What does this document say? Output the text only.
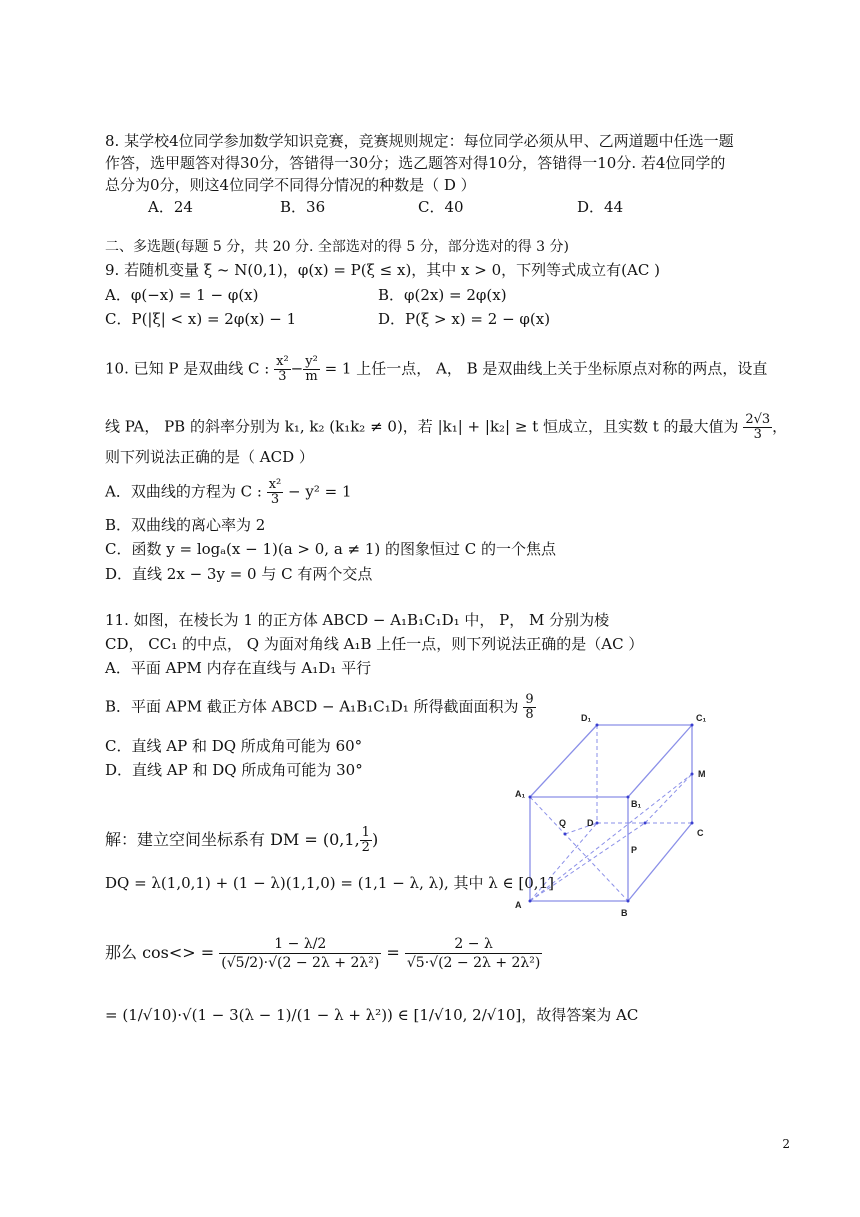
8. 某学校4位同学参加数学知识竞赛，竞赛规则规定：每位同学必须从甲、乙两道题中任选一题
作答，选甲题答对得30分，答错得一30分；选乙题答对得10分，答错得一10分. 若4位同学的
总分为0分，则这4位同学不同得分情况的种数是（ D ）
A．24	B．36	C．40	D．44
二、多选题(每题 5 分，共 20 分. 全部选对的得 5 分，部分选对的得 3 分)
9. 若随机变量 ξ ~ N(0,1)，φ(x) = P(ξ ≤ x)，其中 x > 0，下列等式成立有(AC )
A．φ(−x) = 1 − φ(x)	B．φ(2x) = 2φ(x)
C．P(|ξ| < x) = 2φ(x) − 1	D．P(ξ > x) = 2 − φ(x)
10. 已知 P 是双曲线 C : $\frac{\text{x²}}{3} - \frac{\text{y²}}{m} = 1$ 上任一点， A， B 是双曲线上关于坐标原点对称的两点，设直
线 PA， PB 的斜率分别为 k₁, k₂ (k₁k₂ ≠ 0)，若 |k₁| + |k₂| ≥ t 恒成立，且实数 t 的最大值为 $\frac{2√3}{3}$ ，
则下列说法正确的是（ ACD ）
A．双曲线的方程为 C : $\frac{\text{x²}}{3} - y^2 = 1$
B．双曲线的离心率为 2
C．函数 y = logₐ(x − 1)(a > 0, a ≠ 1) 的图象恒过 C 的一个焦点
D．直线 2x − 3y = 0 与 C 有两个交点
11. 如图，在棱长为 1 的正方体 ABCD − A₁B₁C₁D₁ 中， P， M 分别为棱
CD， CC₁ 的中点， Q 为面对角线 A₁B 上任一点，则下列说法正确的是（AC ）
A．平面 APM 内存在直线与 A₁D₁ 平行
B．平面 APM 截正方体 ABCD − A₁B₁C₁D₁ 所得截面面积为 $\frac{9}{8}$
C．直线 AP 和 DQ 所成角可能为 60°
D．直线 AP 和 DQ 所成角可能为 30°
D₁	C₁
M
A₁
B₁
Q D
C
P
A
B
解：建立空间坐标系有 DM = (0,1, $\frac{1}{2}$ )
DQ = λ(1,0,1) + (1 − λ)(1,1,0) = (1,1 − λ, λ), 其中 λ ∈ [0,1]
那么 $\cos<> = \frac{1 - \lambda/2}{\text{(√5/2)·√(2 − 2λ + 2λ²)}} = \frac{2 - \lambda}{\text{√5·√(2 − 2λ + 2λ²)}}$
= (1/√10)·√(1 − 3(λ − 1)/(1 − λ + λ²)) ∈ [1/√10, 2/√10]，故得答案为 AC
2
